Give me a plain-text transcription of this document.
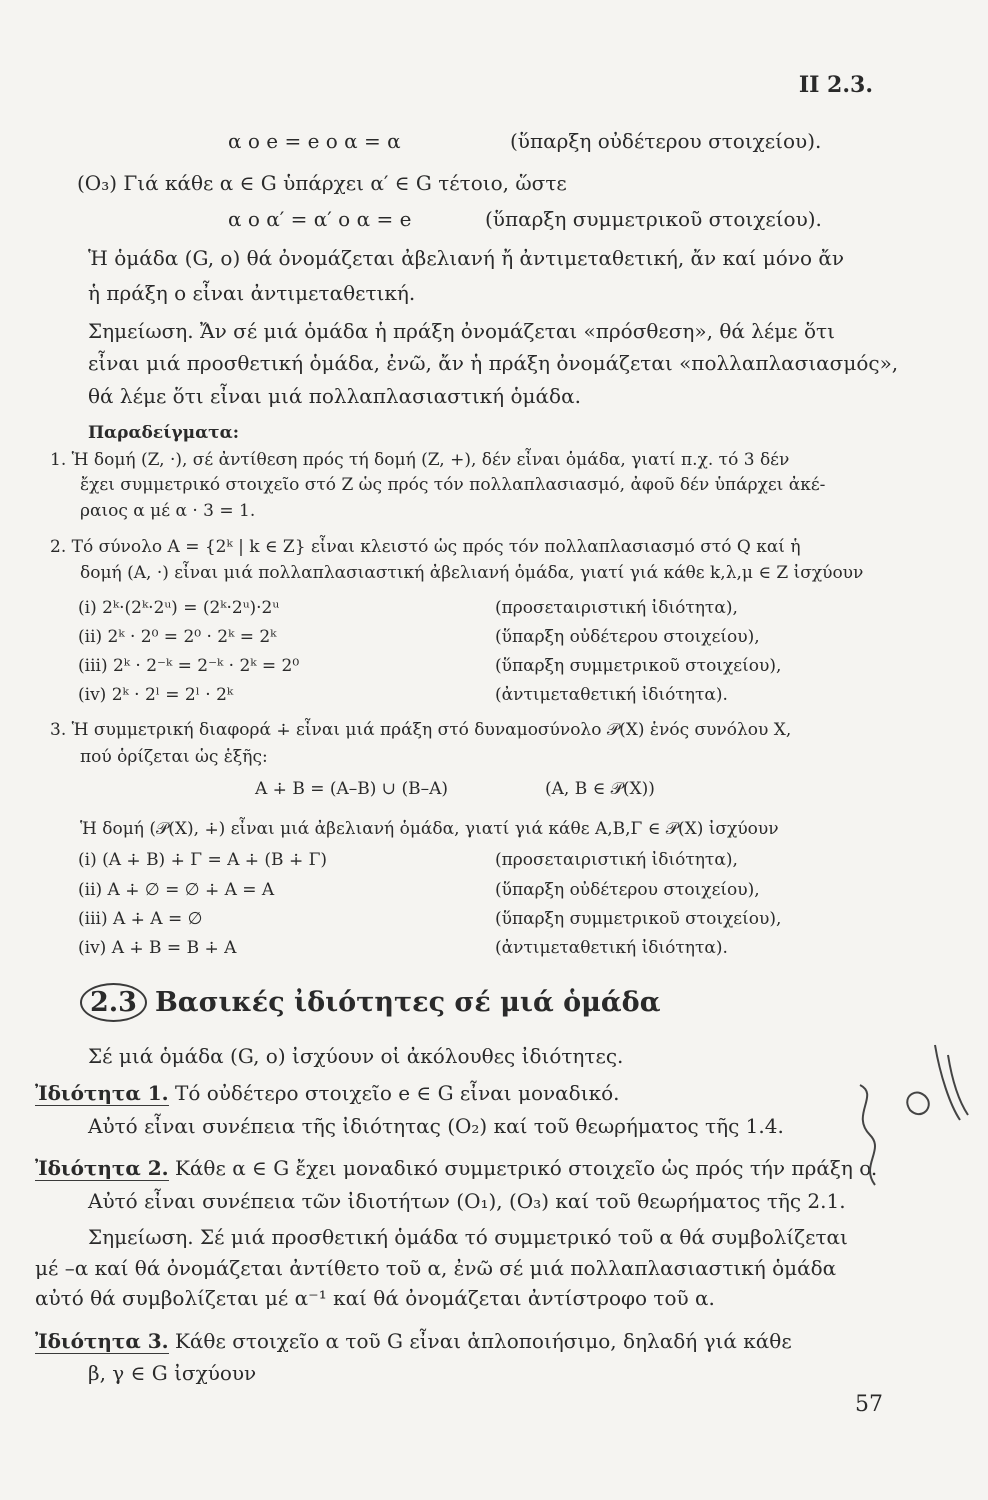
II 2.3.
α ο e = e ο α = α	(ὕπαρξη οὐδέτερου στοιχείου).
(O₃) Γιά κάθε α ∈ G ὑπάρχει α′ ∈ G τέτοιο, ὥστε
α ο α′ = α′ ο α = e	(ὕπαρξη συμμετρικοῦ στοιχείου).
Ἡ ὁμάδα (G, o) θά ὀνομάζεται ἀβελιανή ἤ ἀντιμεταθετική, ἄν καί μόνο ἄν
ἡ πράξη o εἶναι ἀντιμεταθετική.
Σημείωση. Ἄν σέ μιά ὁμάδα ἡ πράξη ὀνομάζεται «πρόσθεση», θά λέμε ὅτι
εἶναι μιά προσθετική ὁμάδα, ἐνῶ, ἄν ἡ πράξη ὀνομάζεται «πολλαπλασιασμός»,
θά λέμε ὅτι εἶναι μιά πολλαπλασιαστική ὁμάδα.
Παραδείγματα:
1. Ἡ δομή (Z, ·), σέ ἀντίθεση πρός τή δομή (Z, +), δέν εἶναι ὁμάδα, γιατί π.χ. τό 3 δέν
ἔχει συμμετρικό στοιχεῖο στό Z ὡς πρός τόν πολλαπλασιασμό, ἀφοῦ δέν ὑπάρχει ἀκέ-
ραιος α μέ α · 3 = 1.
2. Τό σύνολο A = {2ᵏ | k ∈ Z} εἶναι κλειστό ὡς πρός τόν πολλαπλασιασμό στό Q καί ἡ
δομή (A, ·) εἶναι μιά πολλαπλασιαστική ἀβελιανή ὁμάδα, γιατί γιά κάθε k,λ,μ ∈ Z ἰσχύουν
(i) 2ᵏ·(2ᵏ·2ᵘ) = (2ᵏ·2ᵘ)·2ᵘ	(προσεταιριστική ἰδιότητα),
(ii) 2ᵏ · 2⁰ = 2⁰ · 2ᵏ = 2ᵏ	(ὕπαρξη οὐδέτερου στοιχείου),
(iii) 2ᵏ · 2⁻ᵏ = 2⁻ᵏ · 2ᵏ = 2⁰	(ὕπαρξη συμμετρικοῦ στοιχείου),
(iv) 2ᵏ · 2ˡ = 2ˡ · 2ᵏ	(ἀντιμεταθετική ἰδιότητα).
3. Ἡ συμμετρική διαφορά ∔ εἶναι μιά πράξη στό δυναμοσύνολο 𝒫(X) ἑνός συνόλου X,
πού ὁρίζεται ὡς ἑξῆς:
A ∔ B = (A–B) ∪ (B–A)	(A, B ∈ 𝒫(X))
Ἡ δομή (𝒫(X), ∔) εἶναι μιά ἀβελιανή ὁμάδα, γιατί γιά κάθε A,B,Γ ∈ 𝒫(X) ἰσχύουν
(i) (A ∔ B) ∔ Γ = A ∔ (B ∔ Γ)	(προσεταιριστική ἰδιότητα),
(ii) A ∔ ∅ = ∅ ∔ A = A	(ὕπαρξη οὐδέτερου στοιχείου),
(iii) A ∔ A = ∅	(ὕπαρξη συμμετρικοῦ στοιχείου),
(iv) A ∔ B = B ∔ A	(ἀντιμεταθετική ἰδιότητα).
2.3 Βασικές ἰδιότητες σέ μιά ὁμάδα
Σέ μιά ὁμάδα (G, o) ἰσχύουν οἱ ἀκόλουθες ἰδιότητες.
Ἰδιότητα 1. Τό οὐδέτερο στοιχεῖο e ∈ G εἶναι μοναδικό.
Αὐτό εἶναι συνέπεια τῆς ἰδιότητας (O₂) καί τοῦ θεωρήματος τῆς 1.4.
Ἰδιότητα 2. Κάθε α ∈ G ἔχει μοναδικό συμμετρικό στοιχεῖο ὡς πρός τήν πράξη o.
Αὐτό εἶναι συνέπεια τῶν ἰδιοτήτων (O₁), (O₃) καί τοῦ θεωρήματος τῆς 2.1.
Σημείωση. Σέ μιά προσθετική ὁμάδα τό συμμετρικό τοῦ α θά συμβολίζεται
μέ –α καί θά ὀνομάζεται ἀντίθετο τοῦ α, ἐνῶ σέ μιά πολλαπλασιαστική ὁμάδα
αὐτό θά συμβολίζεται μέ α⁻¹ καί θά ὀνομάζεται ἀντίστροφο τοῦ α.
Ἰδιότητα 3. Κάθε στοιχεῖο α τοῦ G εἶναι ἁπλοποιήσιμο, δηλαδή γιά κάθε
β, γ ∈ G ἰσχύουν
57
